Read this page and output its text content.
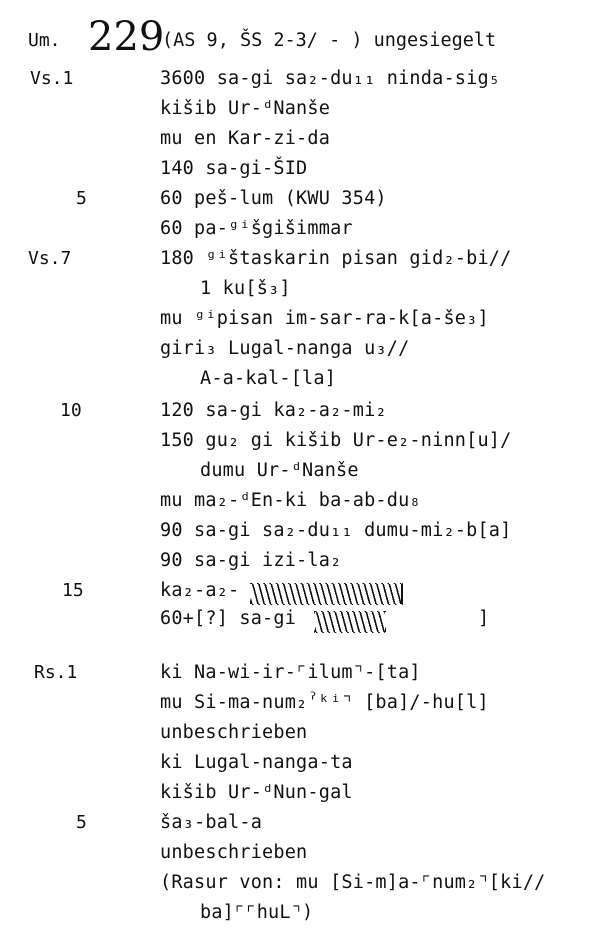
Um. 229
(AS 9, ŠS 2-3/ - ) ungesiegelt
Vs.1	3600 sa-gi sa₂-du₁₁ ninda-sig₅
kišib Ur-ᵈNanše
mu en Kar-zi-da
140 sa-gi-ŠID
5	60 peš-lum (KWU 354)
60 pa-ᵍⁱšgišimmar
Vs.7	180 ᵍⁱštaskarin pisan gid₂-bi//
1 ku[š₃]
mu ᵍⁱpisan im-sar-ra-k[a-še₃]
giri₃ Lugal-nanga u₃//
A-a-kal-[la]
10	120 sa-gi ka₂-a₂-mi₂
150 gu₂ gi kišib Ur-e₂-ninn[u]/
dumu Ur-ᵈNanše
mu ma₂-ᵈEn-ki ba-ab-du₈
90 sa-gi sa₂-du₁₁ dumu-mi₂-b[a]
90 sa-gi izi-la₂
15	ka₂-a₂-
60+[?] sa-gi	]
Rs.1	ki Na-wi-ir-⌜ilum⌝-[ta]
mu Si-ma-num₂ˀᵏⁱ⌝ [ba]/-hu[l]
unbeschrieben
ki Lugal-nanga-ta
kišib Ur-ᵈNun-gal
5	ša₃-bal-a
unbeschrieben
(Rasur von: mu [Si-m]a-⌜num₂⌝[ki//
ba]⌜⌜huL⌝)
